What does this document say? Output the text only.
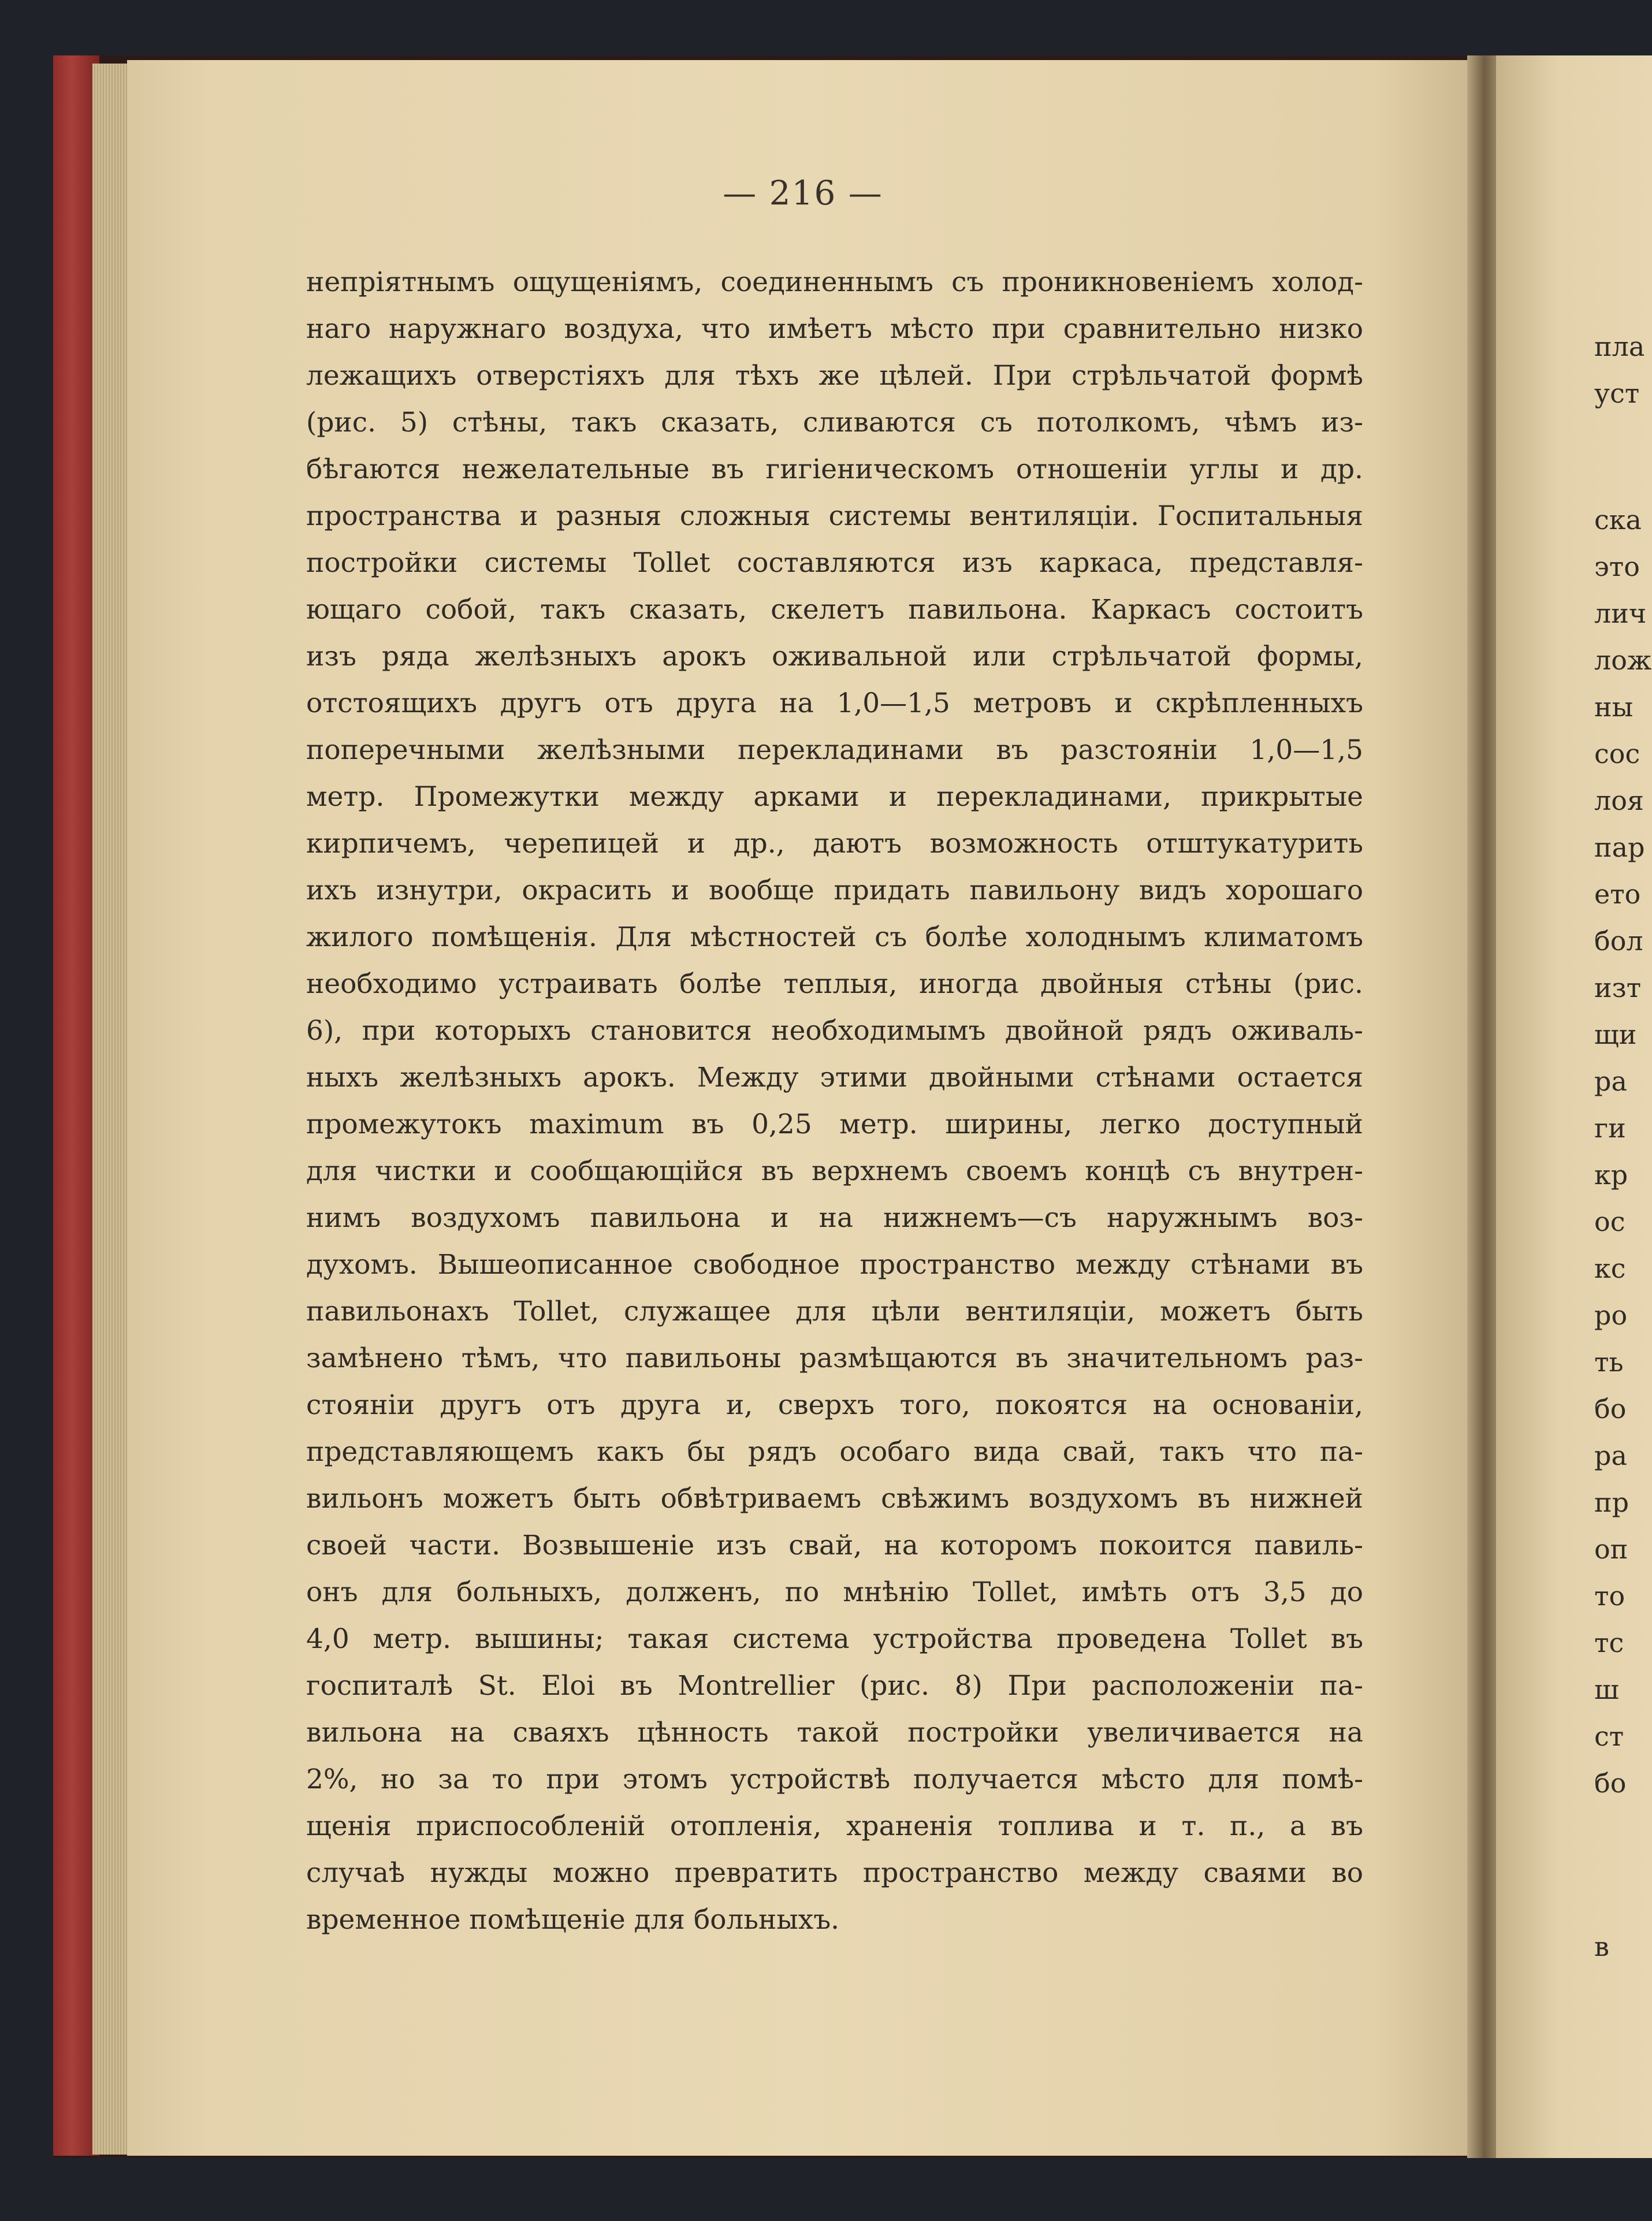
— 216 —
непріятнымъ ощущеніямъ, соединеннымъ съ проникновеніемъ холод-
наго наружнаго воздуха, что имѣетъ мѣсто при сравнительно низко
лежащихъ отверстіяхъ для тѣхъ же цѣлей. При стрѣльчатой формѣ
(рис. 5) стѣны, такъ сказать, сливаются съ потолкомъ, чѣмъ из-
бѣгаются нежелательные въ гигіеническомъ отношеніи углы и др.
пространства и разныя сложныя системы вентиляціи. Госпитальныя
постройки системы Tollet составляются изъ каркаса, представля-
ющаго собой, такъ сказать, скелетъ павильона. Каркасъ состоитъ
изъ ряда желѣзныхъ арокъ оживальной или стрѣльчатой формы,
отстоящихъ другъ отъ друга на 1,0—1,5 метровъ и скрѣпленныхъ
поперечными желѣзными перекладинами въ разстояніи 1,0—1,5
метр. Промежутки между арками и перекладинами, прикрытые
кирпичемъ, черепицей и др., даютъ возможность отштукатурить
ихъ изнутри, окрасить и вообще придать павильону видъ хорошаго
жилого помѣщенія. Для мѣстностей съ болѣе холоднымъ климатомъ
необходимо устраивать болѣе теплыя, иногда двойныя стѣны (рис.
6), при которыхъ становится необходимымъ двойной рядъ оживаль-
ныхъ желѣзныхъ арокъ. Между этими двойными стѣнами остается
промежутокъ maximum въ 0,25 метр. ширины, легко доступный
для чистки и сообщающійся въ верхнемъ своемъ концѣ съ внутрен-
нимъ воздухомъ павильона и на нижнемъ—съ наружнымъ воз-
духомъ. Вышеописанное свободное пространство между стѣнами въ
павильонахъ Tollet, служащее для цѣли вентиляціи, можетъ быть
замѣнено тѣмъ, что павильоны размѣщаются въ значительномъ раз-
стояніи другъ отъ друга и, сверхъ того, покоятся на основаніи,
представляющемъ какъ бы рядъ особаго вида свай, такъ что па-
вильонъ можетъ быть обвѣтриваемъ свѣжимъ воздухомъ въ нижней
своей части. Возвышеніе изъ свай, на которомъ покоится павиль-
онъ для больныхъ, долженъ, по мнѣнію Tollet, имѣть отъ 3,5 до
4,0 метр. вышины; такая система устройства проведена Tollet въ
госпиталѣ St. Eloi въ Montrellier (рис. 8) При расположеніи па-
вильона на сваяхъ цѣнность такой постройки увеличивается на
2%, но за то при этомъ устройствѣ получается мѣсто для помѣ-
щенія приспособленій отопленія, храненія топлива и т. п., а въ
случаѣ нужды можно превратить пространство между сваями во
временное помѣщеніе для больныхъ.
пла
уст
ска
это
лич
лож
ны
сос
лоя
пар
ето
бол
изт
щи
ра
ги
кр
ос
кс
ро
ть
бо
ра
пр
оп
то
тс
ш
ст
бо
в
